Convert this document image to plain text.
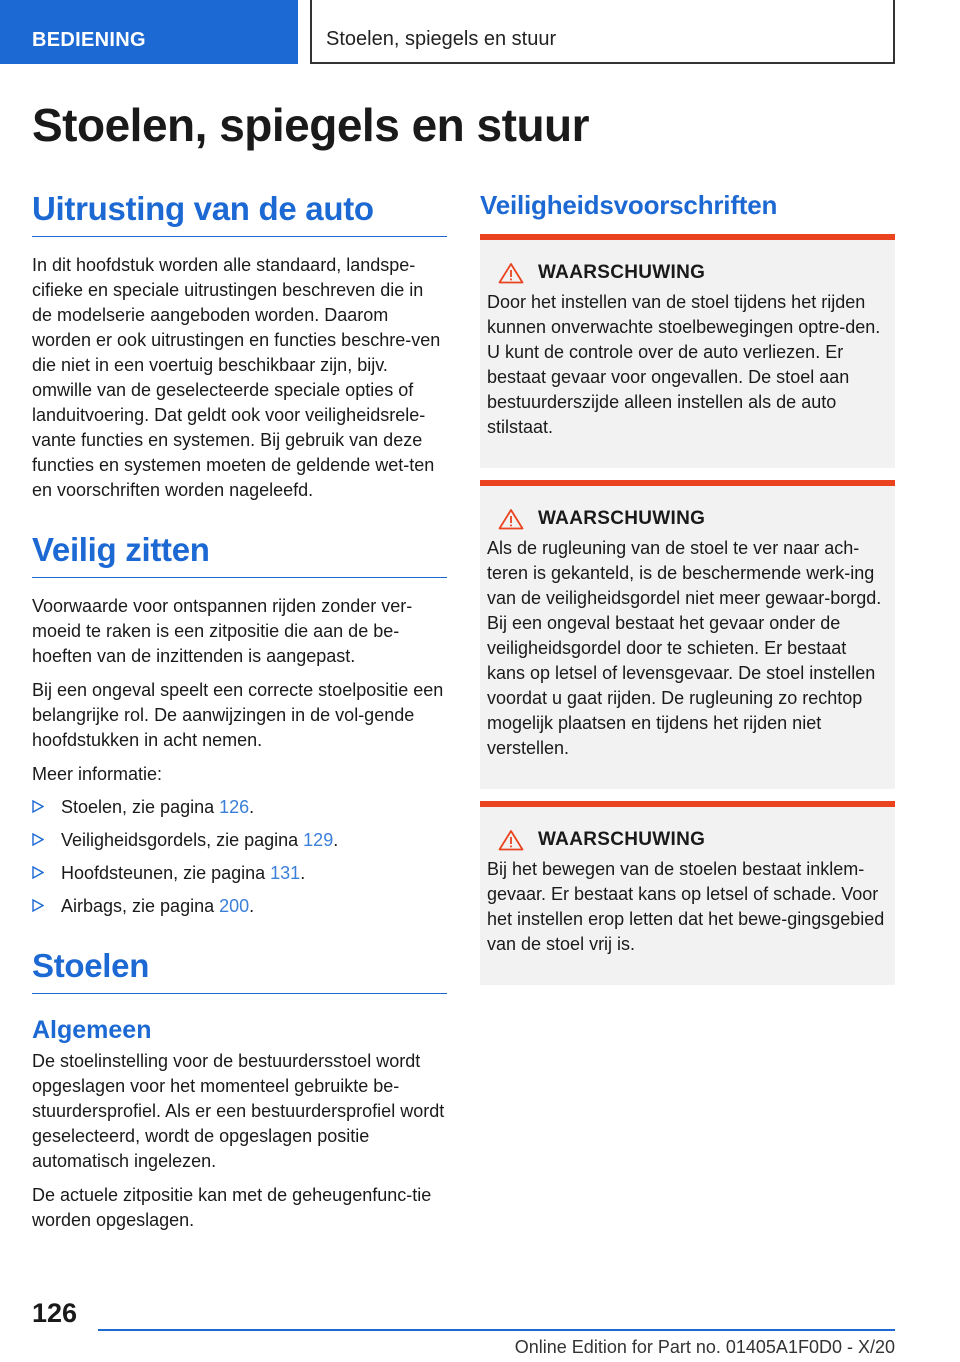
BEDIENING	Stoelen, spiegels en stuur
Stoelen, spiegels en stuur
Uitrusting van de auto

In dit hoofdstuk worden alle standaard, landspe‐cifieke en speciale uitrustingen beschreven die in de modelserie aangeboden worden. Daarom worden er ook uitrustingen en functies beschre‐ven die niet in een voertuig beschikbaar zijn, bijv. omwille van de geselecteerde speciale opties of landuitvoering. Dat geldt ook voor veiligheidsrele‐vante functies en systemen. Bij gebruik van deze functies en systemen moeten de geldende wet‐ten en voorschriften worden nageleefd.

Veilig zitten

Voorwaarde voor ontspannen rijden zonder ver‐moeid te raken is een zitpositie die aan de be‐hoeften van de inzittenden is aangepast.

Bij een ongeval speelt een correcte stoelpositie een belangrijke rol. De aanwijzingen in de vol‐gende hoofdstukken in acht nemen.

Meer informatie:

Stoelen, zie pagina 126.
Veiligheidsgordels, zie pagina 129.
Hoofdsteunen, zie pagina 131.
Airbags, zie pagina 200.
Stoelen
Algemeen

De stoelinstelling voor de bestuurdersstoel wordt opgeslagen voor het momenteel gebruikte be‐stuurdersprofiel. Als er een bestuurdersprofiel wordt geselecteerd, wordt de opgeslagen positie automatisch ingelezen.

De actuele zitpositie kan met de geheugenfunc‐tie worden opgeslagen.

Veiligheidsvoorschriften
WAARSCHUWING

Door het instellen van de stoel tijdens het rijden kunnen onverwachte stoelbewegingen optre‐den. U kunt de controle over de auto verliezen. Er bestaat gevaar voor ongevallen. De stoel aan bestuurderszijde alleen instellen als de auto stilstaat.

WAARSCHUWING

Als de rugleuning van de stoel te ver naar ach‐teren is gekanteld, is de beschermende werk‐ing van de veiligheidsgordel niet meer gewaar‐borgd. Bij een ongeval bestaat het gevaar onder de veiligheidsgordel door te schieten. Er bestaat kans op letsel of levensgevaar. De stoel instellen voordat u gaat rijden. De rugleuning zo rechtop mogelijk plaatsen en tijdens het rijden niet verstellen.

WAARSCHUWING

Bij het bewegen van de stoelen bestaat inklem‐gevaar. Er bestaat kans op letsel of schade. Voor het instellen erop letten dat het bewe‐gingsgebied van de stoel vrij is.

126
Online Edition for Part no. 01405A1F0D0 - X/20
